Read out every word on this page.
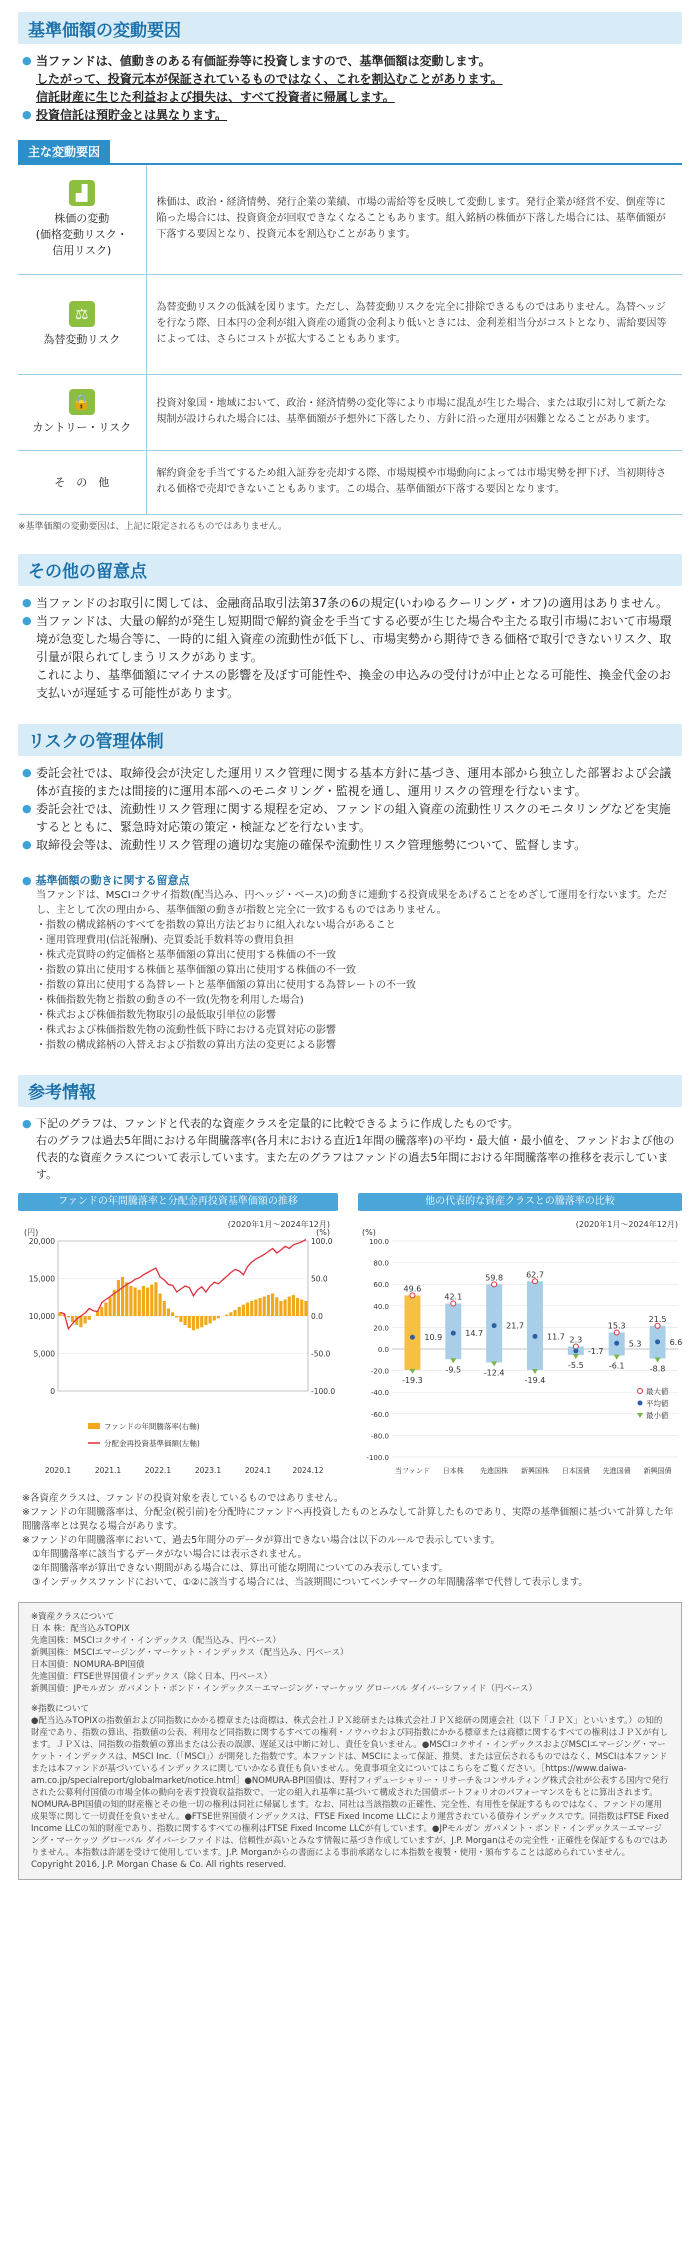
基準価額の変動要因
● 当ファンドは、値動きのある有価証券等に投資しますので、基準価額は変動します。
したがって、投資元本が保証されているものではなく、これを割込むことがあります。
信託財産に生じた利益および損失は、すべて投資者に帰属します。
● 投資信託は預貯金とは異なります。
主な変動要因
▟
株価の変動
(価格変動リスク・
信用リスク)	株価は、政治・経済情勢、発行企業の業績、市場の需給等を反映して変動します。発行企業が経営不安、倒産等に陥った場合には、投資資金が回収できなくなることもあります。組入銘柄の株価が下落した場合には、基準価額が下落する要因となり、投資元本を割込むことがあります。

⚖
為替変動リスク	為替変動リスクの低減を図ります。ただし、為替変動リスクを完全に排除できるものではありません。為替ヘッジを行なう際、日本円の金利が組入資産の通貨の金利より低いときには、金利差相当分がコストとなり、需給要因等によっては、さらにコストが拡大することもあります。

🔒
カントリー・リスク	投資対象国・地域において、政治・経済情勢の変化等により市場に混乱が生じた場合、または取引に対して新たな規制が設けられた場合には、基準価額が予想外に下落したり、方針に沿った運用が困難となることがあります。

そ　の　他	解約資金を手当てするため組入証券を売却する際、市場規模や市場動向によっては市場実勢を押下げ、当初期待される価格で売却できないこともあります。この場合、基準価額が下落する要因となります。
※基準価額の変動要因は、上記に限定されるものではありません。
その他の留意点
● 当ファンドのお取引に関しては、金融商品取引法第37条の6の規定(いわゆるクーリング・オフ)の適用はありません。
● 当ファンドは、大量の解約が発生し短期間で解約資金を手当てする必要が生じた場合や主たる取引市場において市場環境が急変した場合等に、一時的に組入資産の流動性が低下し、市場実勢から期待できる価格で取引できないリスク、取引量が限られてしまうリスクがあります。
これにより、基準価額にマイナスの影響を及ぼす可能性や、換金の申込みの受付けが中止となる可能性、換金代金のお支払いが遅延する可能性があります。
リスクの管理体制
● 委託会社では、取締役会が決定した運用リスク管理に関する基本方針に基づき、運用本部から独立した部署および会議体が直接的または間接的に運用本部へのモニタリング・監視を通し、運用リスクの管理を行ないます。
● 委託会社では、流動性リスク管理に関する規程を定め、ファンドの組入資産の流動性リスクのモニタリングなどを実施するとともに、緊急時対応策の策定・検証などを行ないます。
● 取締役会等は、流動性リスク管理の適切な実施の確保や流動性リスク管理態勢について、監督します。
● 基準価額の動きに関する留意点
当ファンドは、MSCIコクサイ指数(配当込み、円ヘッジ・ベース)の動きに連動する投資成果をあげることをめざして運用を行ないます。ただし、主として次の理由から、基準価額の動きが指数と完全に一致するものではありません。
・指数の構成銘柄のすべてを指数の算出方法どおりに組入れない場合があること
・運用管理費用(信託報酬)、売買委託手数料等の費用負担
・株式売買時の約定価格と基準価額の算出に使用する株価の不一致
・指数の算出に使用する株価と基準価額の算出に使用する株価の不一致
・指数の算出に使用する為替レートと基準価額の算出に使用する為替レートの不一致
・株価指数先物と指数の動きの不一致(先物を利用した場合)
・株式および株価指数先物取引の最低取引単位の影響
・株式および株価指数先物の流動性低下時における売買対応の影響
・指数の構成銘柄の入替えおよび指数の算出方法の変更による影響
参考情報
● 下記のグラフは、ファンドと代表的な資産クラスを定量的に比較できるように作成したものです。
右のグラフは過去5年間における年間騰落率(各月末における直近1年間の騰落率)の平均・最大値・最小値を、ファンドおよび他の代表的な資産クラスについて表示しています。また左のグラフはファンドの過去5年間における年間騰落率の推移を表示しています。
ファンドの年間騰落率と分配金再投資基準価額の推移
(2020年1月〜2024年12月)
(円)	(%)
20,000
15,000
10,000
5,000
0
100.0
50.0
0.0
-50.0
-100.0
2020.1	2021.1	2022.1	2023.1	2024.1	2024.12
ファンドの年間騰落率(右軸)
分配金再投資基準価額(左軸)
他の代表的な資産クラスとの騰落率の比較
(2020年1月〜2024年12月)
(%)
100.0
80.0
60.0
40.0
20.0
0.0
-20.0
-40.0
-60.0
-80.0
-100.0
49.6
10.9
-19.3
当ファンド
42.1
14.7
-9.5
日本株
59.8
21.7
-12.4
先進国株
62.7
11.7
-19.4
新興国株
2.3
-1.7
-5.5
日本国債
15.3
5.3
-6.1
先進国債
21.5
6.6
-8.8
新興国債
最大値
平均値
最小値
※各資産クラスは、ファンドの投資対象を表しているものではありません。
※ファンドの年間騰落率は、分配金(税引前)を分配時にファンドへ再投資したものとみなして計算したものであり、実際の基準価額に基づいて計算した年間騰落率とは異なる場合があります。
※ファンドの年間騰落率において、過去5年間分のデータが算出できない場合は以下のルールで表示しています。
①年間騰落率に該当するデータがない場合には表示されません。
②年間騰落率が算出できない期間がある場合には、算出可能な期間についてのみ表示しています。
③インデックスファンドにおいて、①②に該当する場合には、当該期間についてベンチマークの年間騰落率で代替して表示します。
※資産クラスについて
日 本 株：配当込みTOPIX
先進国株：MSCIコクサイ・インデックス（配当込み、円ベース）
新興国株：MSCIエマージング・マーケット・インデックス（配当込み、円ベース）
日本国債：NOMURA-BPI国債
先進国債：FTSE世界国債インデックス（除く日本、円ベース）
新興国債：JPモルガン ガバメント・ボンド・インデックス－エマージング・マーケッツ グローバル ダイバーシファイド（円ベース）
※指数について
●配当込みTOPIXの指数値および同指数にかかる標章または商標は、株式会社ＪＰＸ総研または株式会社ＪＰＸ総研の関連会社（以下「ＪＰＸ」といいます。）の知的財産であり、指数の算出、指数値の公表、利用など同指数に関するすべての権利・ノウハウおよび同指数にかかる標章または商標に関するすべての権利はＪＰＸが有します。ＪＰＸは、同指数の指数値の算出または公表の誤謬、遅延又は中断に対し、責任を負いません。●MSCIコクサイ・インデックスおよびMSCIエマージング・マーケット・インデックスは、MSCI Inc.（「MSCI」）が開発した指数です。本ファンドは、MSCIによって保証、推奨、または宣伝されるものではなく、MSCIは本ファンドまたは本ファンドが基づいているインデックスに関していかなる責任も負いません。免責事項全文についてはこちらをご覧ください。［https://www.daiwa-am.co.jp/specialreport/globalmarket/notice.html］●NOMURA-BPI国債は、野村フィデューシャリー・リサーチ＆コンサルティング株式会社が公表する国内で発行された公募利付国債の市場全体の動向を表す投資収益指数で、一定の組入れ基準に基づいて構成された国債ポートフォリオのパフォーマンスをもとに算出されます。NOMURA-BPI国債の知的財産権とその他一切の権利は同社に帰属します。なお、同社は当該指数の正確性、完全性、有用性を保証するものではなく、ファンドの運用成果等に関して一切責任を負いません。●FTSE世界国債インデックスは、FTSE Fixed Income LLCにより運営されている債券インデックスです。同指数はFTSE Fixed Income LLCの知的財産であり、指数に関するすべての権利はFTSE Fixed Income LLCが有しています。●JPモルガン ガバメント・ボンド・インデックス－エマージング・マーケッツ グローバル ダイバーシファイドは、信頼性が高いとみなす情報に基づき作成していますが、J.P. Morganはその完全性・正確性を保証するものではありません。本指数は許諾を受けて使用しています。J.P. Morganからの書面による事前承諾なしに本指数を複製・使用・頒布することは認められていません。Copyright 2016, J.P. Morgan Chase & Co. All rights reserved.
